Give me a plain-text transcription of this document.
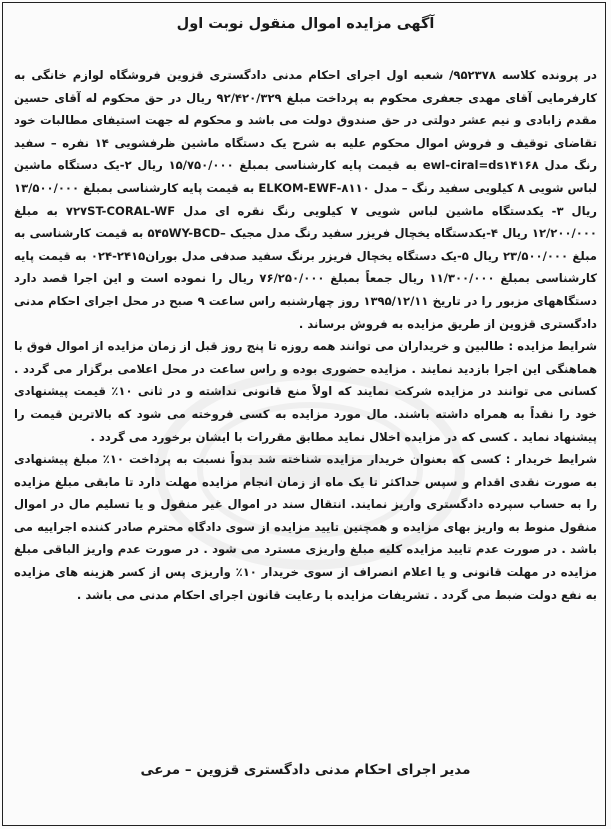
آگهی مزایده اموال منقول نوبت اول

در پرونده کلاسه ۹۵۲۳۷۸/ شعبه اول اجرای احکام مدنی دادگستری قزوین فروشگاه لوازم خانگی به کارفرمایی آقای مهدی جعفری محکوم به پرداخت مبلغ ۹۲/۴۲۰/۳۲۹ ریال در حق محکوم له آقای حسین مقدم زابادی و نیم عشر دولتی در حق صندوق دولت می باشد و محکوم له جهت استیفای مطالبات خود تقاضای توقیف و فروش اموال محکوم علیه به شرح یک دستگاه ماشین ظرفشویی ۱۴ نفره – سفید رنگ مدل ewl-ciral=ds۱۴۱۶۸ به قیمت پایه کارشناسی بمبلغ ۱۵/۷۵۰/۰۰۰ ریال ۲-یک دستگاه ماشین لباس شویی ۸ کیلویی سفید رنگ – مدل ELKOM-EWF-۸۱۱۰ به قیمت پایه کارشناسی بمبلغ ۱۳/۵۰۰/۰۰۰ ریال ۳- یکدستگاه ماشین لباس شویی ۷ کیلویی رنگ نقره ای مدل ۷۲۷ST-CORAL-WF به مبلغ ۱۲/۲۰۰/۰۰۰ ریال ۴-یکدستگاه یخچال فریزر سفید رنگ مدل مجیک –۵۴۵WY-BCD به قیمت کارشناسی به مبلغ ۲۳/۵۰۰/۰۰۰ ریال ۵-یک دستگاه یخچال فریزر برنگ سفید صدفی مدل بوران۲۴۱۵-۰۲۴ به قیمت پایه کارشناسی بمبلغ ۱۱/۳۰۰/۰۰۰ ریال جمعاً بمبلغ ۷۶/۲۵۰/۰۰۰ ریال را نموده است و این اجرا قصد دارد دستگاههای مزبور را در تاریخ ۱۳۹۵/۱۲/۱۱ روز چهارشنبه راس ساعت ۹ صبح در محل اجرای احکام مدنی دادگستری قزوین از طریق مزایده به فروش برساند .

شرایط مزایده : طالبین و خریداران می توانند همه روزه تا پنج روز قبل از زمان مزایده از اموال فوق با هماهنگی این اجرا بازدید نمایند . مزایده حضوری بوده و راس ساعت در محل اعلامی برگزار می گردد . کسانی می توانند در مزایده شرکت نمایند که اولاً منع قانونی نداشته و در ثانی ۱۰٪ قیمت پیشنهادی خود را نقداً به همراه داشته باشند. مال مورد مزایده به کسی فروخته می شود که بالاترین قیمت را پیشنهاد نماید . کسی که در مزایده اخلال نماید مطابق مقررات با ایشان برخورد می گردد .

شرایط خریدار : کسی که بعنوان خریدار مزایده شناخته شد بدواً نسبت به پرداخت ۱۰٪ مبلغ پیشنهادی به صورت نقدی اقدام و سپس حداکثر تا یک ماه از زمان انجام مزایده مهلت دارد تا مابقی مبلغ مزایده را به حساب سپرده دادگستری واریز نمایند. انتقال سند در اموال غیر منقول و یا تسلیم مال در اموال منقول منوط به واریز بهای مزایده و همچنین تایید مزایده از سوی دادگاه محترم صادر کننده اجراییه می باشد . در صورت عدم تایید مزایده کلیه مبلغ واریزی مسترد می شود . در صورت عدم واریز الباقی مبلغ مزایده در مهلت قانونی و یا اعلام انصراف از سوی خریدار ۱۰٪ واریزی پس از کسر هزینه های مزایده به نفع دولت ضبط می گردد . تشریفات مزایده با رعایت قانون اجرای احکام مدنی می باشد .

مدیر اجرای احکام مدنی دادگستری قزوین – مرعی
